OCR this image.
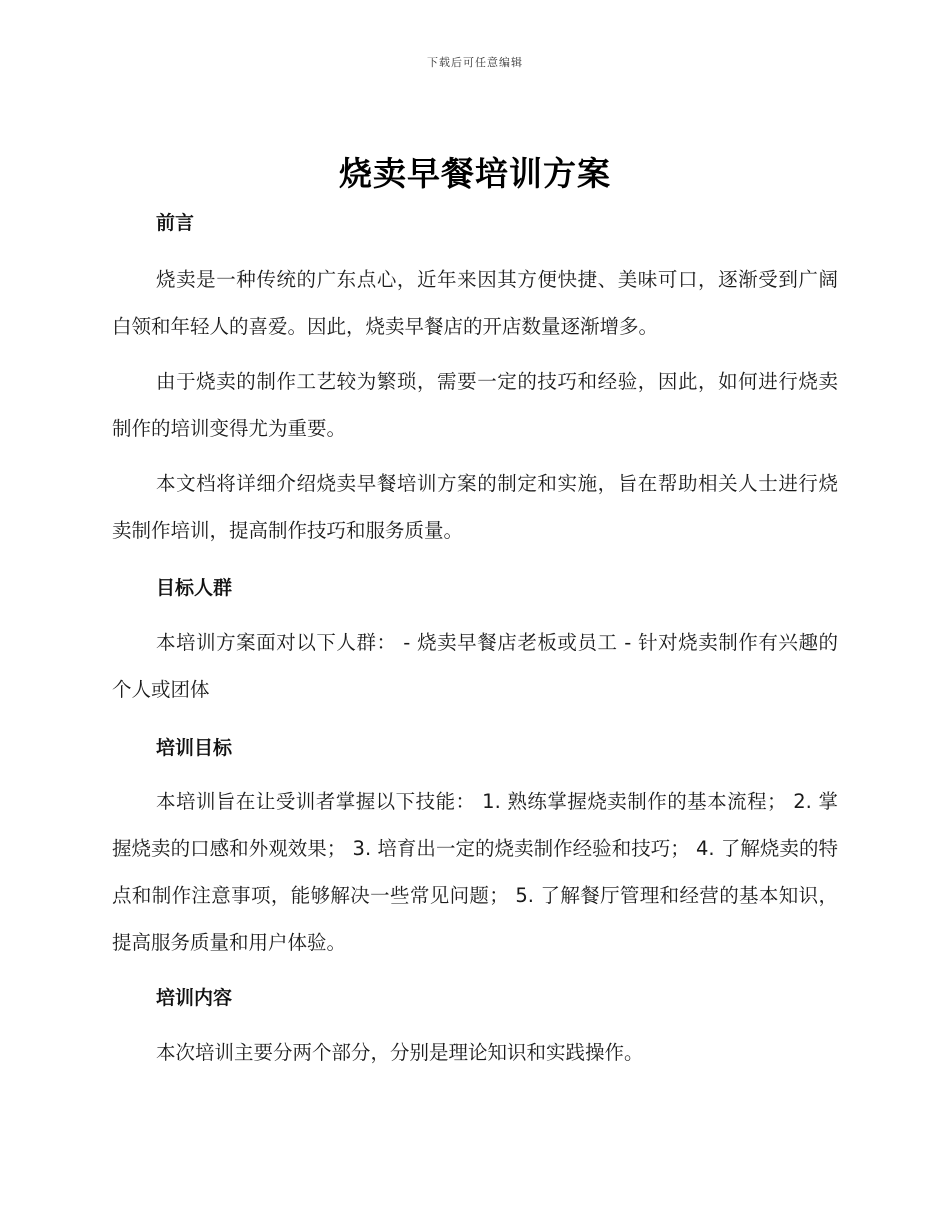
下载后可任意编辑
烧卖早餐培训方案
前言
烧卖是一种传统的广东点心，近年来因其方便快捷、美味可口，逐渐受到广阔白领和年轻人的喜爱。因此，烧卖早餐店的开店数量逐渐增多。
由于烧卖的制作工艺较为繁琐，需要一定的技巧和经验，因此，如何进行烧卖制作的培训变得尤为重要。
本文档将详细介绍烧卖早餐培训方案的制定和实施，旨在帮助相关人士进行烧卖制作培训，提高制作技巧和服务质量。
目标人群
本培训方案面对以下人群： - 烧卖早餐店老板或员工 - 针对烧卖制作有兴趣的个人或团体
培训目标
本培训旨在让受训者掌握以下技能： 1. 熟练掌握烧卖制作的基本流程； 2. 掌握烧卖的口感和外观效果； 3. 培育出一定的烧卖制作经验和技巧； 4. 了解烧卖的特点和制作注意事项，能够解决一些常见问题； 5. 了解餐厅管理和经营的基本知识，提高服务质量和用户体验。
培训内容
本次培训主要分两个部分，分别是理论知识和实践操作。
